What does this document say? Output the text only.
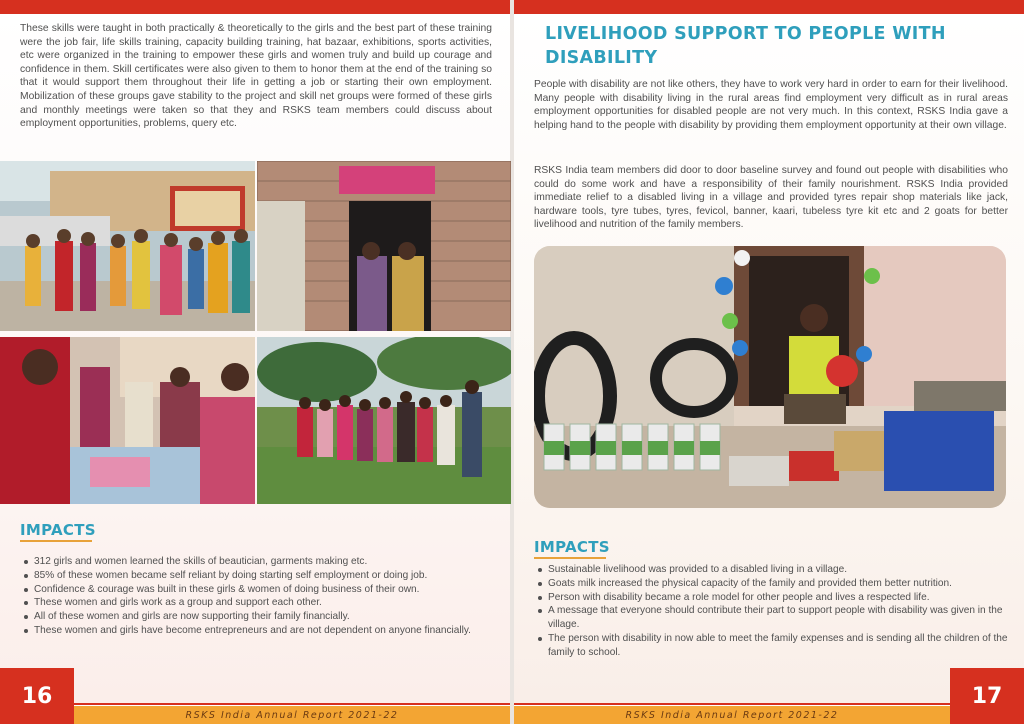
These skills were taught in both practically & theoretically to the girls and the best part of these training were the job fair, life skills training, capacity building training, hat bazaar, exhibitions, sports activities, etc were organized in the training to empower these girls and women truly and build up courage and confidence in them. Skill certificates were also given to them to honor them at the end of the training so that it would support them throughout their life in getting a job or starting their own employment. Mobilization of these groups gave stability to the project and skill net groups were formed of these girls and monthly meetings were taken so that they and RSKS team members could discuss about employment opportunities, problems, query etc.

IMPACTS
312 girls and women learned the skills of beautician, garments making etc.
85% of these women became self reliant by doing starting self employment or doing job.
Confidence & courage was built in these girls & women of doing business of their own.
These women and girls work as a group and support each other.
All of these women and girls are now supporting their family financially.
These women and girls have become entrepreneurs and are not dependent on anyone financially.
16
RSKS India Annual Report 2021-22
LIVELIHOOD SUPPORT TO PEOPLE WITH DISABILITY

People with disability are not like others, they have to work very hard in order to earn for their livelihood. Many people with disability living in the rural areas find employment very difficult as in rural areas employment opportunities for disabled people are not very much. In this context, RSKS India gave a helping hand to the people with disability by providing them employment opportunity at their own village.

RSKS India team members did door to door baseline survey and found out people with disabilities who could do some work and have a responsibility of their family nourishment. RSKS India provided immediate relief to a disabled living in a village and provided tyres repair shop materials like jack, hardware tools, tyre tubes, tyres, fevicol, banner, kaari, tubeless tyre kit etc and 2 goats for better livelihood and nutrition of the family members.

IMPACTS
Sustainable livelihood was provided to a disabled living in a village.
Goats milk increased the physical capacity of the family and provided them better nutrition.
Person with disability became a role model for other people and lives a respected life.
A message that everyone should contribute their part to support people with disability was given in the village.
The person with disability in now able to meet the family expenses and is sending all the children of the family to school.
17
RSKS India Annual Report 2021-22
